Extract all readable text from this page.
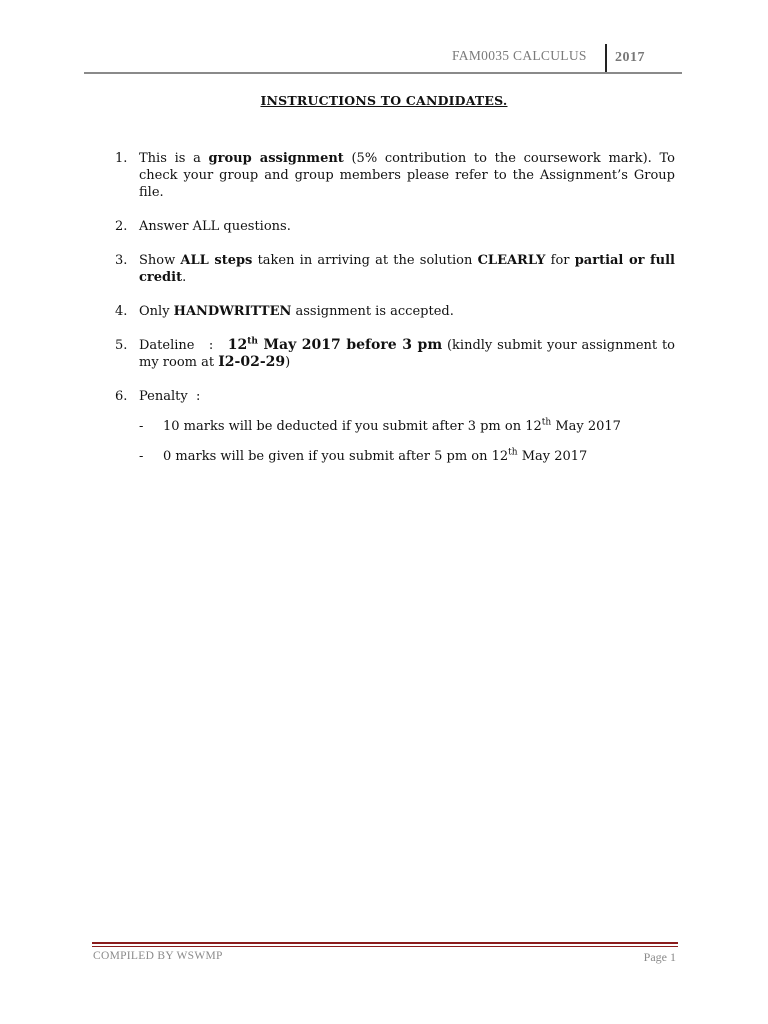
FAM0035 CALCULUS	2017
INSTRUCTIONS TO CANDIDATES.
1. This is a group assignment (5% contribution to the coursework mark). To check your group and group members please refer to the Assignment’s Group file.
2. Answer ALL questions.
3. Show ALL steps taken in arriving at the solution CLEARLY for partial or full credit.
4. Only HANDWRITTEN assignment is accepted.
5. Dateline   :   12th May 2017 before 3 pm (kindly submit your assignment to my room at I2-02-29)
6. Penalty  :
- 10 marks will be deducted if you submit after 3 pm on 12th May 2017
- 0 marks will be given if you submit after 5 pm on 12th May 2017
COMPILED BY WSWMP	Page 1
